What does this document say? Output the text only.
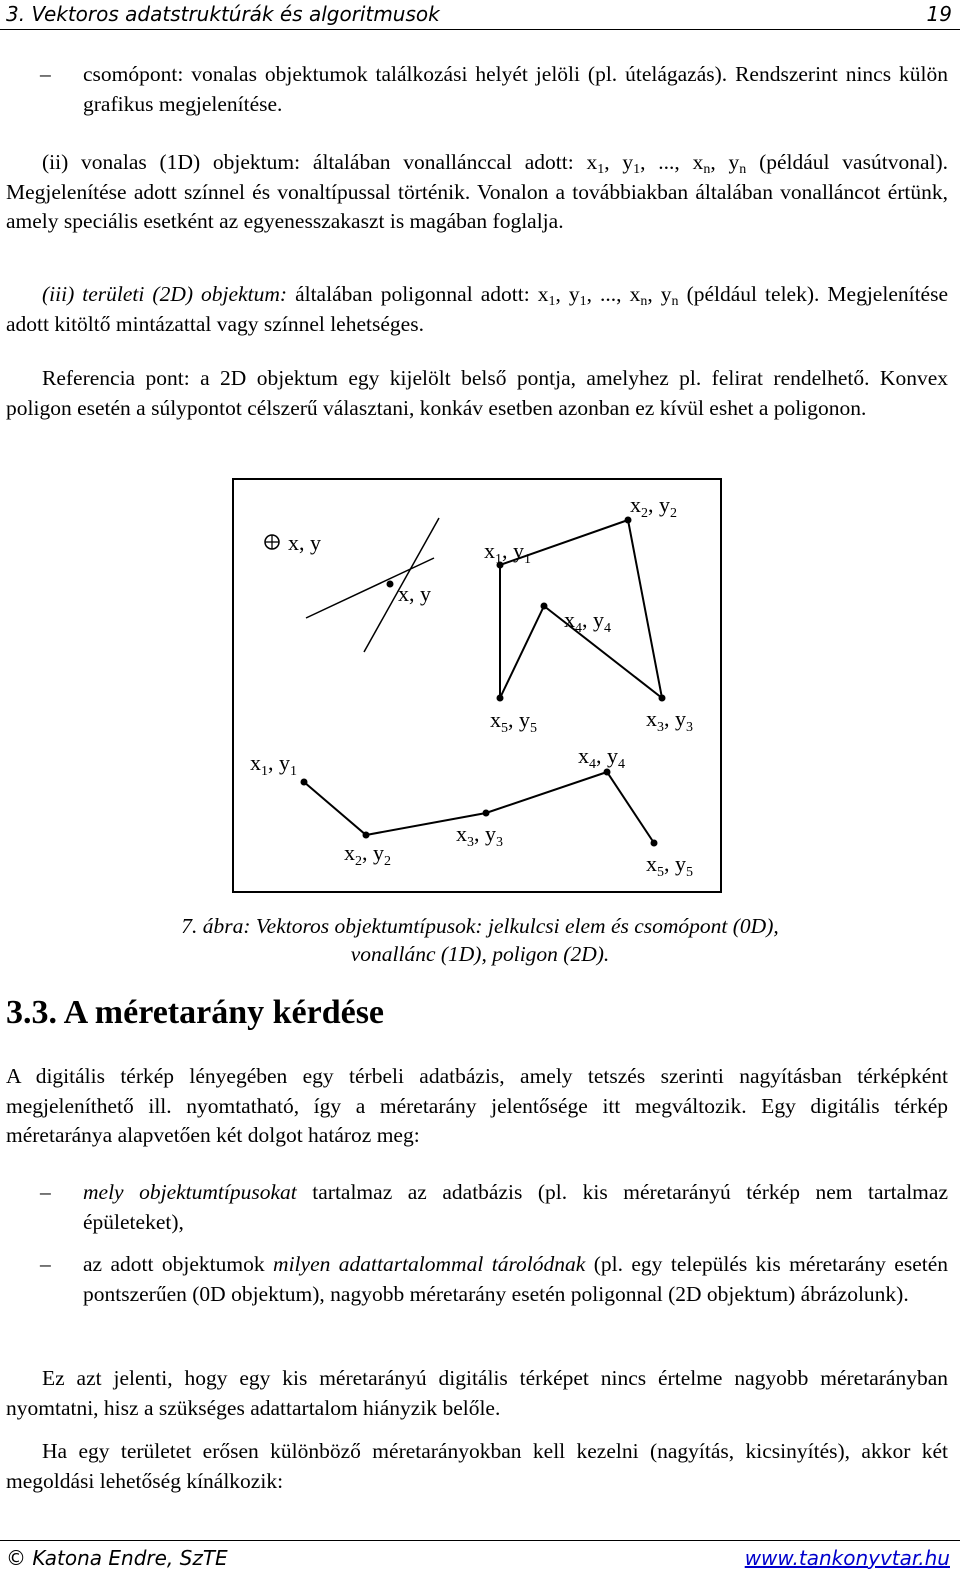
3. Vektoros adatstruktúrák és algoritmusok	19
– csomópont: vonalas objektumok találkozási helyét jelöli (pl. útelágazás). Rendszerint nincs külön grafikus megjelenítése.
(ii) vonalas (1D) objektum: általában vonallánccal adott: $x_1$, $y_1$, ..., $x_n$, $y_n$ (például vasútvonal). Megjelenítése adott színnel és vonaltípussal történik. Vonalon a továbbiakban általában vonalláncot értünk, amely speciális esetként az egyenesszakaszt is magában foglalja.
(iii) területi (2D) objektum: általában poligonnal adott: $x_1$, $y_1$, ..., $x_n$, $y_n$ (például telek). Megjelenítése adott kitöltő mintázattal vagy színnel lehetséges.
Referencia pont: a 2D objektum egy kijelölt belső pontja, amelyhez pl. felirat rendelhető. Konvex poligon esetén a súlypontot célszerű választani, konkáv esetben azonban ez kívül eshet a poligonon.
x, y
x, y
$x_1$, $y_1$
$x_2$, $y_2$
$x_3$, $y_3$
$x_4$, $y_4$
$x_5$, $y_5$
$x_1$, $y_1$
$x_2$, $y_2$
$x_3$, $y_3$
$x_4$, $y_4$
$x_5$, $y_5$
7. ábra: Vektoros objektumtípusok: jelkulcsi elem és csomópont (0D),
vonallánc (1D), poligon (2D).
3.3. A méretarány kérdése
A digitális térkép lényegében egy térbeli adatbázis, amely tetszés szerinti nagyításban térképként megjeleníthető ill. nyomtatható, így a méretarány jelentősége itt megváltozik. Egy digitális térkép méretaránya alapvetően két dolgot határoz meg:
– mely objektumtípusokat tartalmaz az adatbázis (pl. kis méretarányú térkép nem tartalmaz épületeket),
– az adott objektumok milyen adattartalommal tárolódnak (pl. egy település kis méretarány esetén pontszerűen (0D objektum), nagyobb méretarány esetén poligonnal (2D objektum) ábrázolunk).
Ez azt jelenti, hogy egy kis méretarányú digitális térképet nincs értelme nagyobb méretarányban nyomtatni, hisz a szükséges adattartalom hiányzik belőle.
Ha egy területet erősen különböző méretarányokban kell kezelni (nagyítás, kicsinyítés), akkor két megoldási lehetőség kínálkozik:
© Katona Endre, SzTE	www.tankonyvtar.hu
